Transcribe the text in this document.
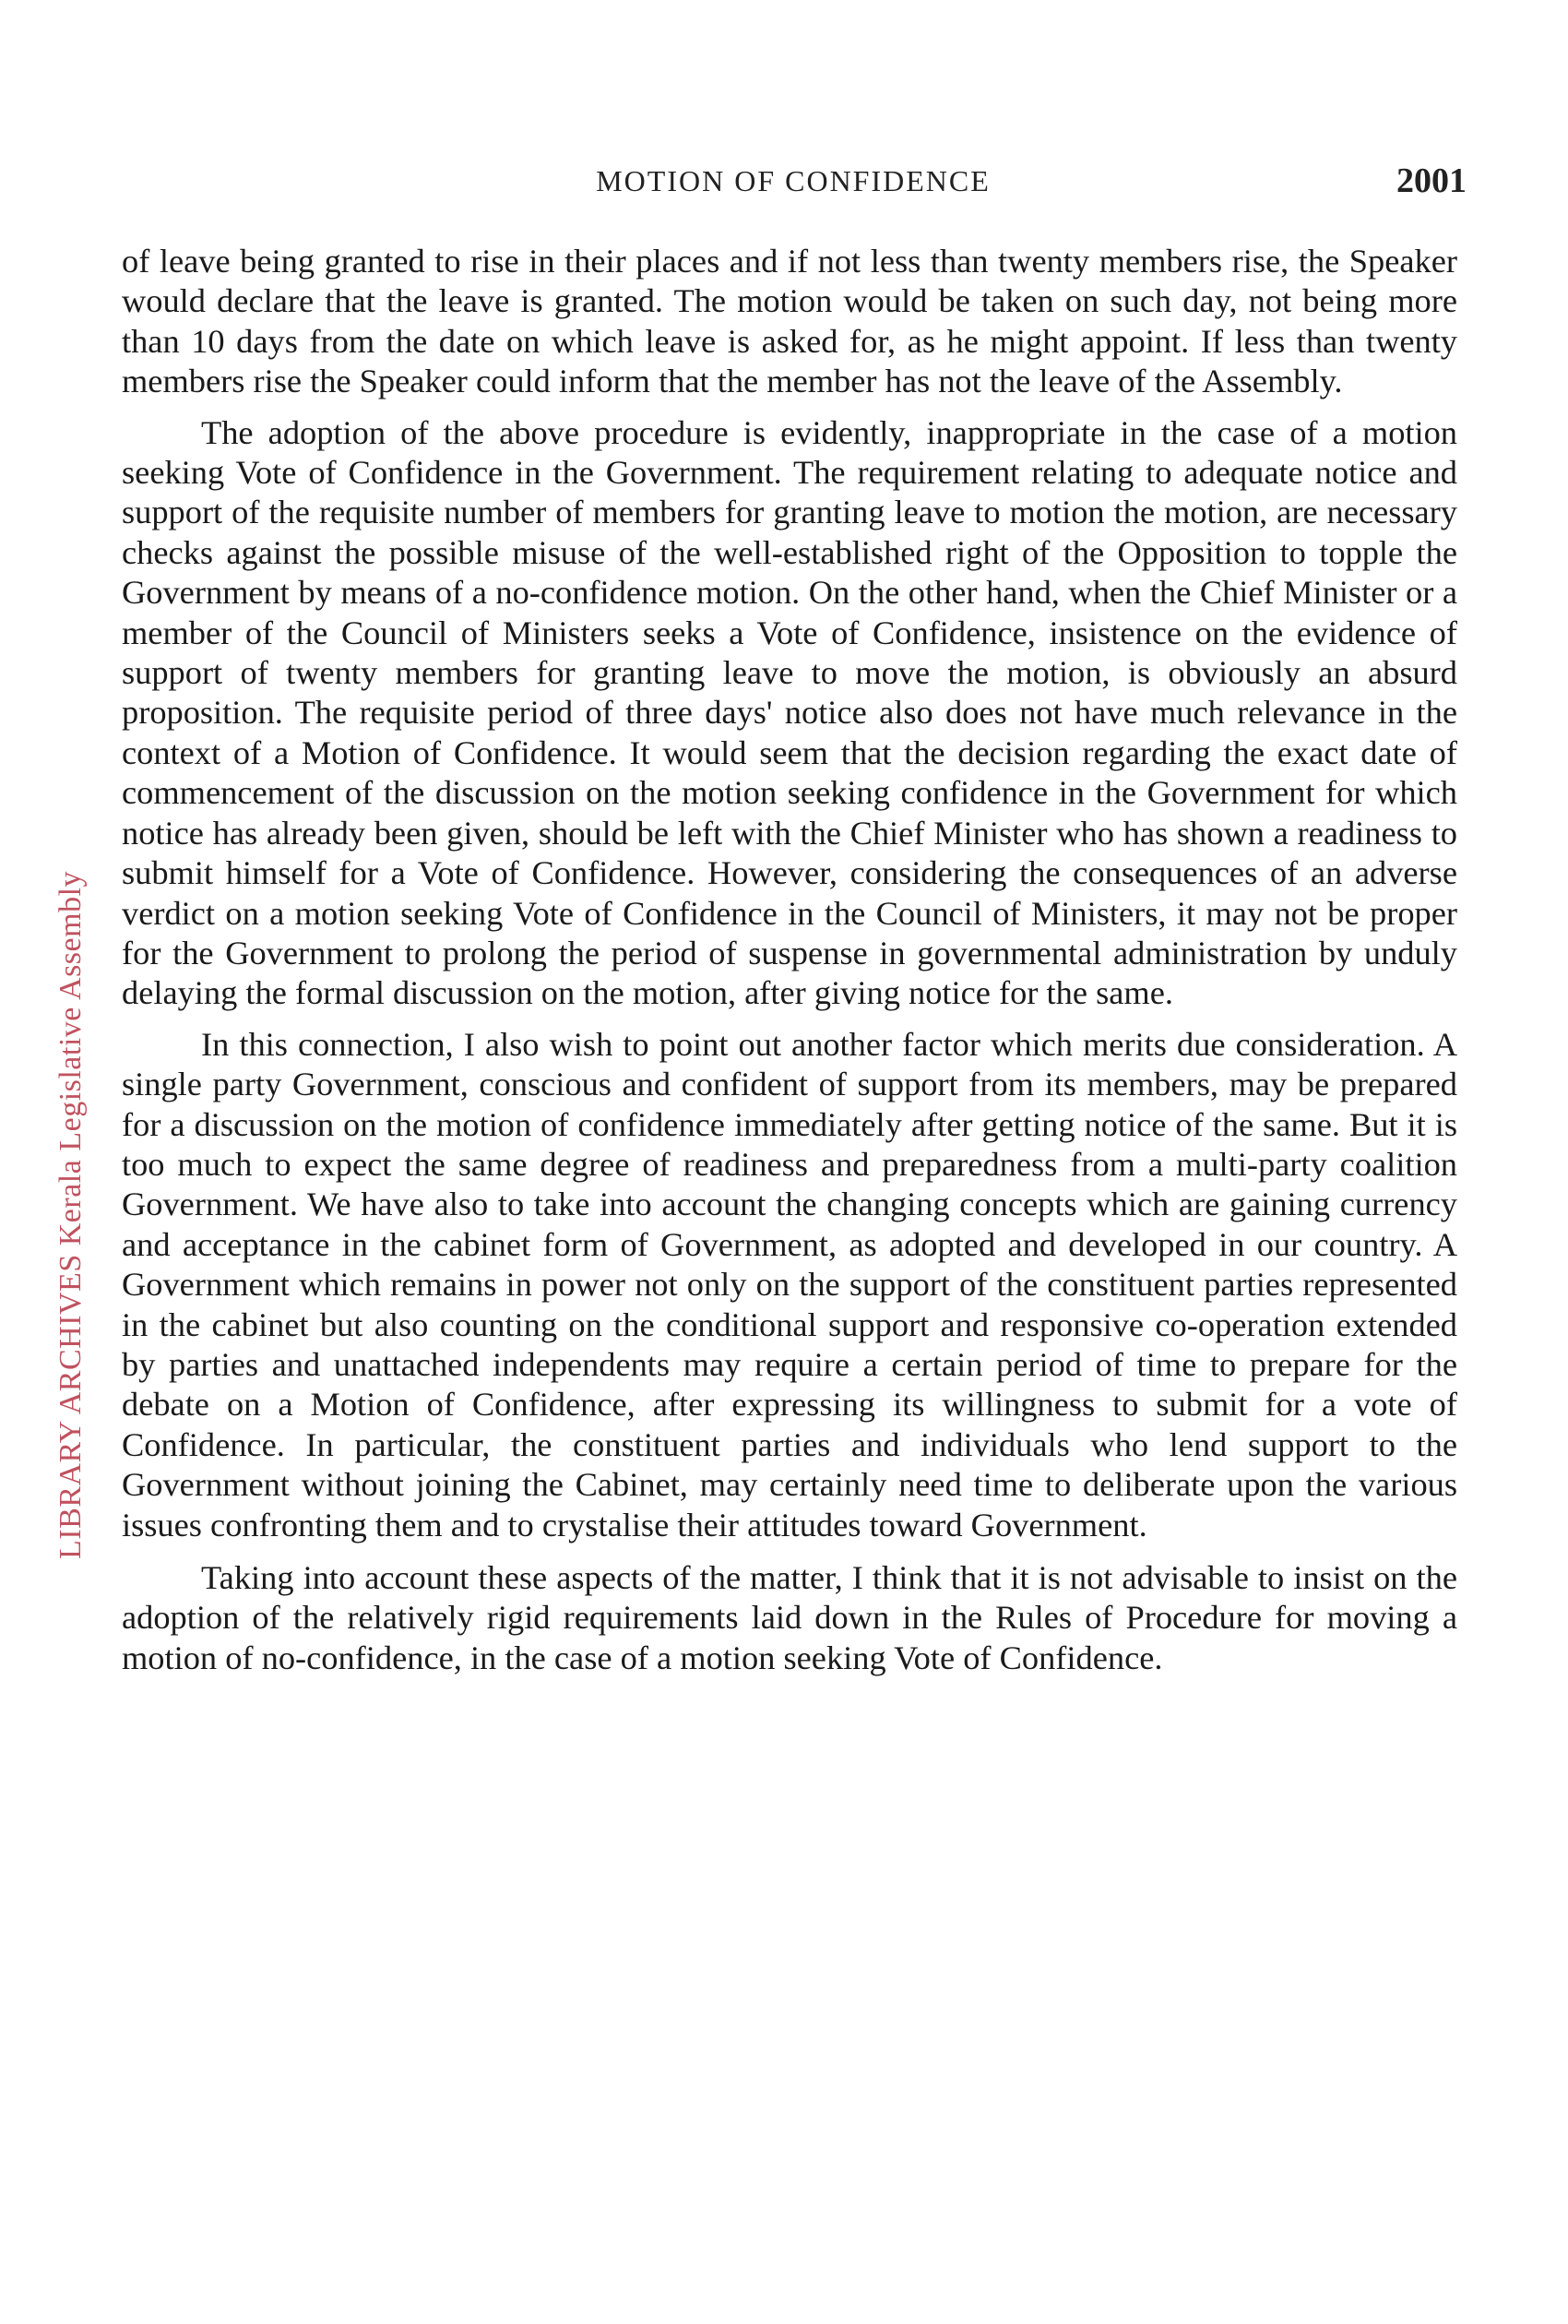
MOTION OF CONFIDENCE	2001
LIBRARY ARCHIVES Kerala Legislative Assembly

of leave being granted to rise in their places and if not less than twenty members rise, the Speaker would declare that the leave is granted. The motion would be taken on such day, not being more than 10 days from the date on which leave is asked for, as he might appoint. If less than twenty members rise the Speaker could inform that the member has not the leave of the Assembly.

The adoption of the above procedure is evidently, inappropriate in the case of a motion seeking Vote of Confidence in the Government. The requirement relating to adequate notice and support of the requisite number of members for granting leave to motion the motion, are necessary checks against the possible misuse of the well-established right of the Opposition to topple the Government by means of a no-confidence motion. On the other hand, when the Chief Minister or a member of the Council of Ministers seeks a Vote of Confidence, insistence on the evidence of support of twenty members for granting leave to move the motion, is obviously an absurd proposition. The requisite period of three days' notice also does not have much relevance in the context of a Motion of Confidence. It would seem that the decision regarding the exact date of commencement of the discussion on the motion seeking confidence in the Government for which notice has already been given, should be left with the Chief Minister who has shown a readiness to submit himself for a Vote of Confidence. However, considering the consequences of an adverse verdict on a motion seeking Vote of Confidence in the Council of Ministers, it may not be proper for the Government to prolong the period of suspense in governmental administration by unduly delaying the formal discussion on the motion, after giving notice for the same.

In this connection, I also wish to point out another factor which merits due consideration. A single party Government, conscious and confident of support from its members, may be prepared for a discussion on the motion of confidence immediately after getting notice of the same. But it is too much to expect the same degree of readiness and preparedness from a multi-party coalition Government. We have also to take into account the changing concepts which are gaining currency and acceptance in the cabinet form of Government, as adopted and developed in our country. A Government which remains in power not only on the support of the constituent parties represented in the cabinet but also counting on the conditional support and responsive co-operation extended by parties and unattached independents may require a certain period of time to prepare for the debate on a Motion of Confidence, after expressing its willingness to submit for a vote of Confidence. In particular, the constituent parties and individuals who lend support to the Government without joining the Cabinet, may certainly need time to deliberate upon the various issues confronting them and to crystalise their attitudes toward Government.

Taking into account these aspects of the matter, I think that it is not advisable to insist on the adoption of the relatively rigid requirements laid down in the Rules of Procedure for moving a motion of no-confidence, in the case of a motion seeking Vote of Confidence.
